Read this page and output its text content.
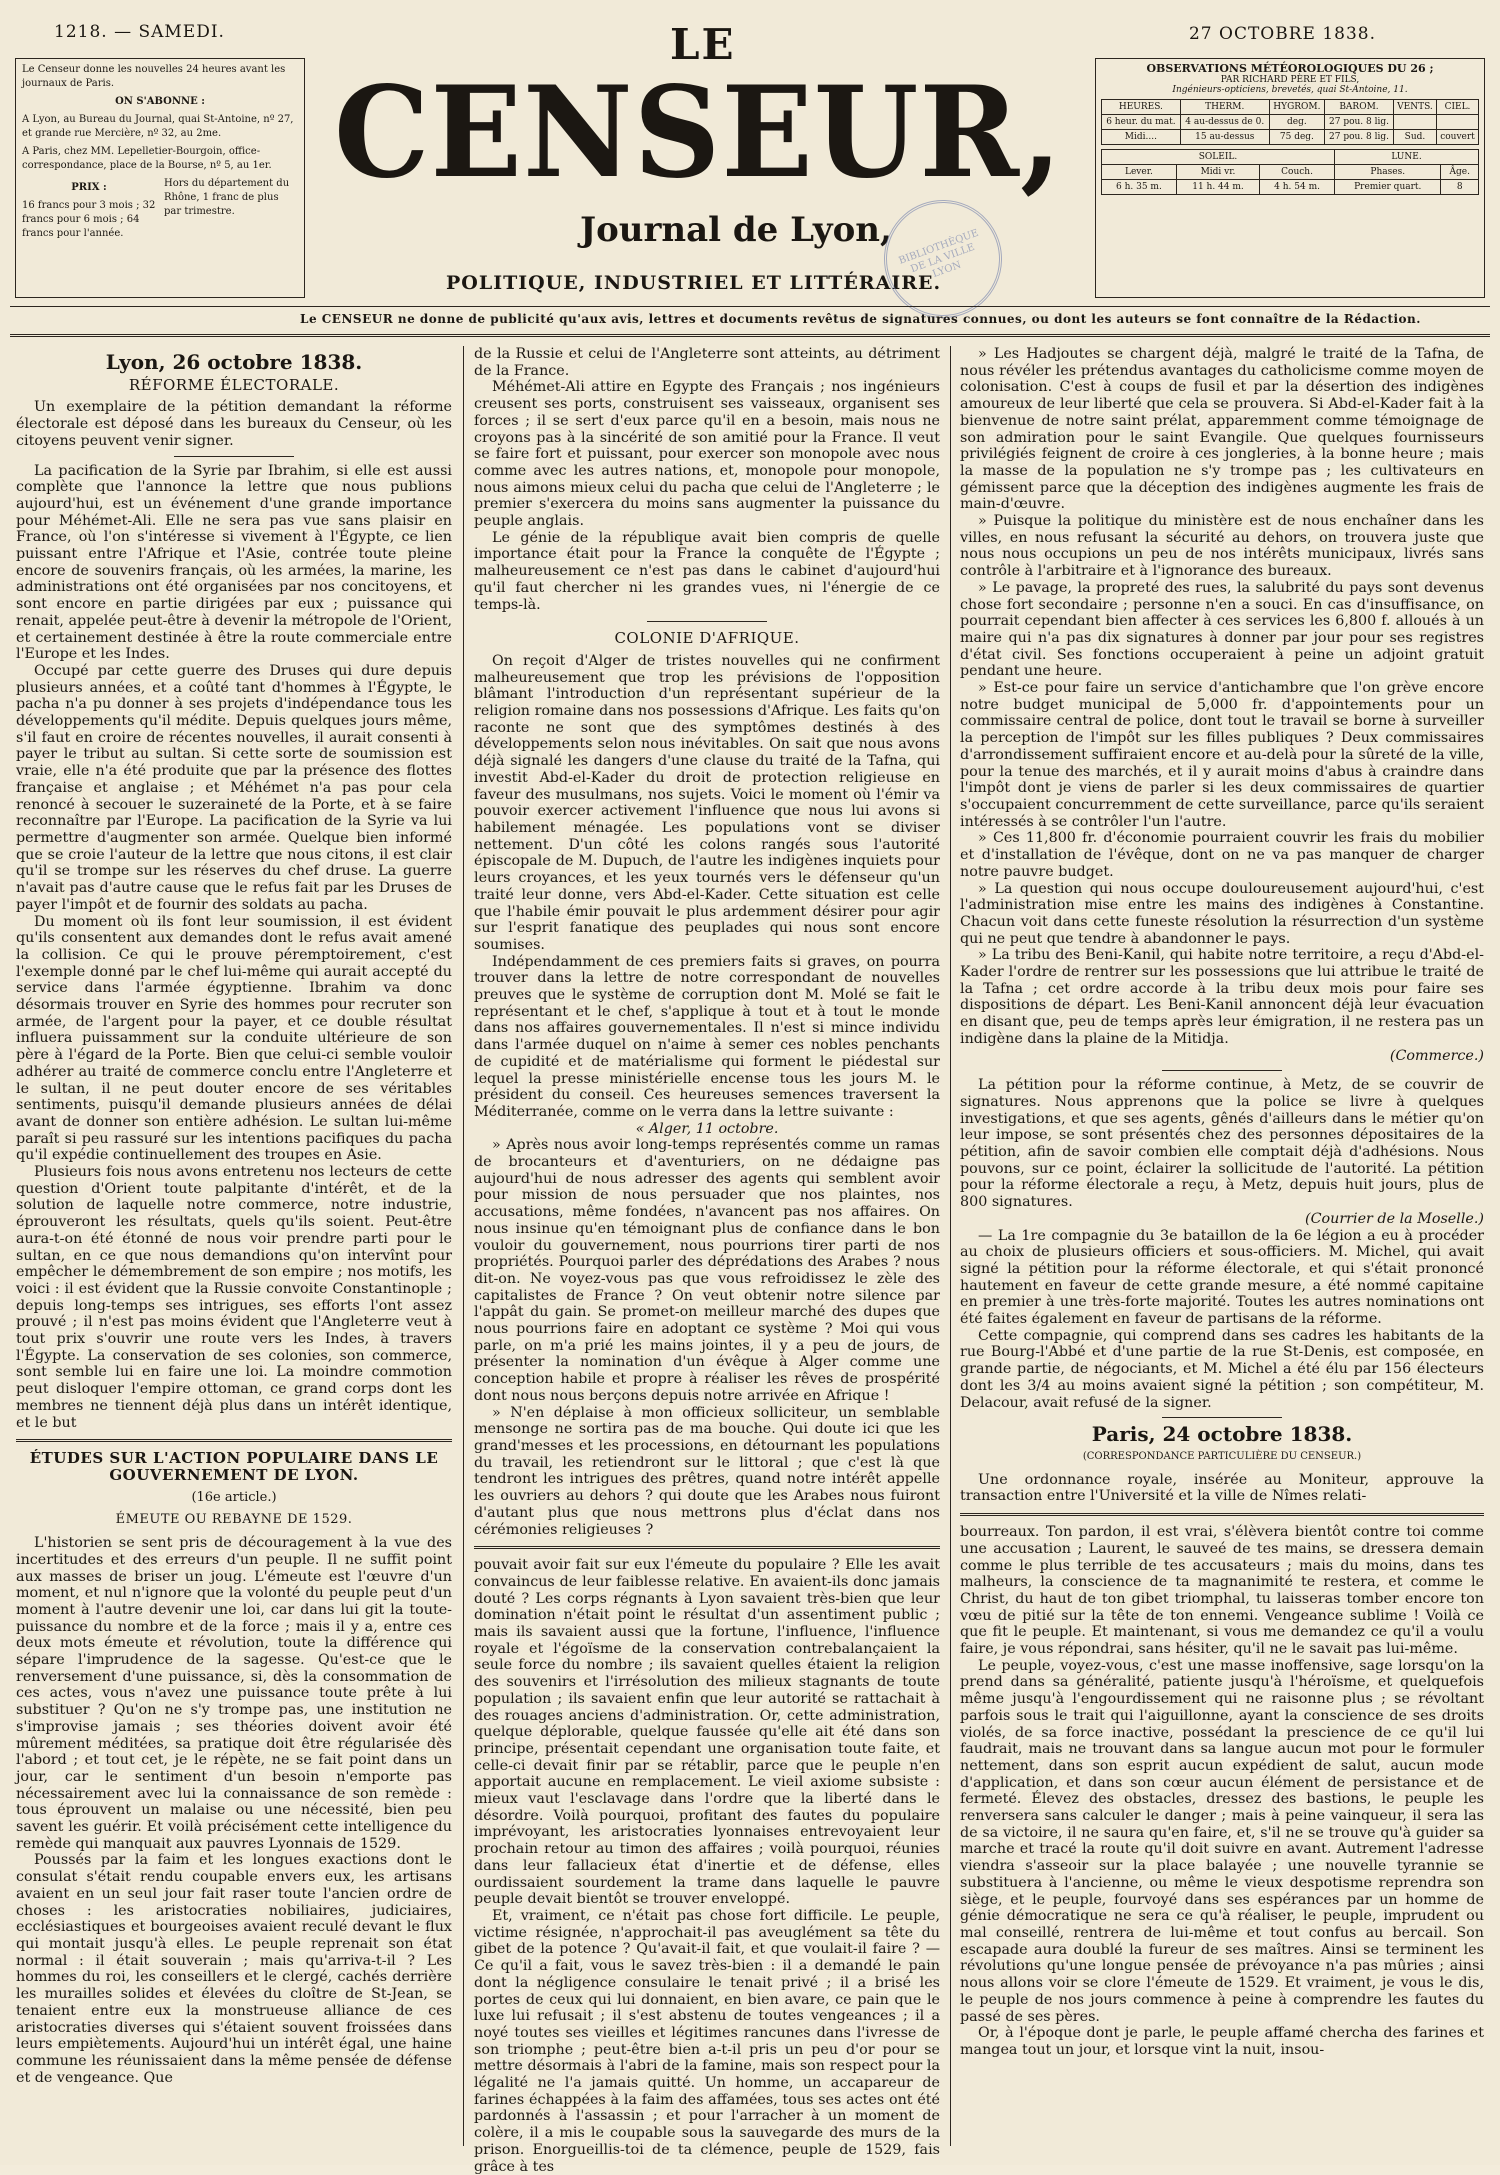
1218. — SAMEDI.	27 OCTOBRE 1838.

Le Censeur donne les nouvelles 24 heures avant les journaux de Paris.

ON S'ABONNE :

A Lyon, au Bureau du Journal, quai St-Antoine, nº 27, et grande rue Mercière, nº 32, au 2me.

A Paris, chez MM. Lepelletier-Bourgoin, office-correspondance, place de la Bourse, nº 5, au 1er.

PRIX :

16 francs pour 3 mois ; 32 francs pour 6 mois ; 64 francs pour l'année.

Hors du département du Rhône, 1 franc de plus par trimestre.

LE
CENSEUR,
Journal de Lyon,
POLITIQUE, INDUSTRIEL ET LITTÉRAIRE.
BIBLIOTHÈQUE DE LA VILLE LYON
OBSERVATIONS MÉTÉOROLOGIQUES DU 26 ;
PAR RICHARD PÈRE ET FILS,
Ingénieurs-opticiens, brevetés, quai St-Antoine, 11.
HEURES.	THERM.	HYGROM.	BAROM.	VENTS.	CIEL.
6 heur. du mat.	4 au-dessus de 0.	deg.	27 pou. 8 lig.		
Midi....	15 au-dessus	75 deg.	27 pou. 8 lig.	Sud.	couvert
SOLEIL.			LUNE.	
Lever.	Midi vr.	Couch.	Phases.	Âge.
6 h. 35 m.	11 h. 44 m.	4 h. 54 m.	Premier quart.	8
Le CENSEUR ne donne de publicité qu'aux avis, lettres et documents revêtus de signatures connues, ou dont les auteurs se font connaître de la Rédaction.
Lyon, 26 octobre 1838.
RÉFORME ÉLECTORALE.

Un exemplaire de la pétition demandant la réforme électorale est déposé dans les bureaux du Censeur, où les citoyens peuvent venir signer.

La pacification de la Syrie par Ibrahim, si elle est aussi complète que l'annonce la lettre que nous publions aujourd'hui, est un événement d'une grande importance pour Méhémet-Ali. Elle ne sera pas vue sans plaisir en France, où l'on s'intéresse si vivement à l'Égypte, ce lien puissant entre l'Afrique et l'Asie, contrée toute pleine encore de souvenirs français, où les armées, la marine, les administrations ont été organisées par nos concitoyens, et sont encore en partie dirigées par eux ; puissance qui renait, appelée peut-être à devenir la métropole de l'Orient, et certainement destinée à être la route commerciale entre l'Europe et les Indes.

Occupé par cette guerre des Druses qui dure depuis plusieurs années, et a coûté tant d'hommes à l'Égypte, le pacha n'a pu donner à ses projets d'indépendance tous les développements qu'il médite. Depuis quelques jours même, s'il faut en croire de récentes nouvelles, il aurait consenti à payer le tribut au sultan. Si cette sorte de soumission est vraie, elle n'a été produite que par la présence des flottes française et anglaise ; et Méhémet n'a pas pour cela renoncé à secouer le suzeraineté de la Porte, et à se faire reconnaître par l'Europe. La pacification de la Syrie va lui permettre d'augmenter son armée. Quelque bien informé que se croie l'auteur de la lettre que nous citons, il est clair qu'il se trompe sur les réserves du chef druse. La guerre n'avait pas d'autre cause que le refus fait par les Druses de payer l'impôt et de fournir des soldats au pacha.

Du moment où ils font leur soumission, il est évident qu'ils consentent aux demandes dont le refus avait amené la collision. Ce qui le prouve péremptoirement, c'est l'exemple donné par le chef lui-même qui aurait accepté du service dans l'armée égyptienne. Ibrahim va donc désormais trouver en Syrie des hommes pour recruter son armée, de l'argent pour la payer, et ce double résultat influera puissamment sur la conduite ultérieure de son père à l'égard de la Porte. Bien que celui-ci semble vouloir adhérer au traité de commerce conclu entre l'Angleterre et le sultan, il ne peut douter encore de ses véritables sentiments, puisqu'il demande plusieurs années de délai avant de donner son entière adhésion. Le sultan lui-même paraît si peu rassuré sur les intentions pacifiques du pacha qu'il expédie continuellement des troupes en Asie.

Plusieurs fois nous avons entretenu nos lecteurs de cette question d'Orient toute palpitante d'intérêt, et de la solution de laquelle notre commerce, notre industrie, éprouveront les résultats, quels qu'ils soient. Peut-être aura-t-on été étonné de nous voir prendre parti pour le sultan, en ce que nous demandions qu'on intervînt pour empêcher le démembrement de son empire ; nos motifs, les voici : il est évident que la Russie convoite Constantinople ; depuis long-temps ses intrigues, ses efforts l'ont assez prouvé ; il n'est pas moins évident que l'Angleterre veut à tout prix s'ouvrir une route vers les Indes, à travers l'Égypte. La conservation de ses colonies, son commerce, sont semble lui en faire une loi. La moindre commotion peut disloquer l'empire ottoman, ce grand corps dont les membres ne tiennent déjà plus dans un intérêt identique, et le but

ÉTUDES SUR L'ACTION POPULAIRE DANS LE GOUVERNEMENT DE LYON.
(16e article.)
ÉMEUTE OU REBAYNE DE 1529.

L'historien se sent pris de découragement à la vue des incertitudes et des erreurs d'un peuple. Il ne suffit point aux masses de briser un joug. L'émeute est l'œuvre d'un moment, et nul n'ignore que la volonté du peuple peut d'un moment à l'autre devenir une loi, car dans lui git la toute-puissance du nombre et de la force ; mais il y a, entre ces deux mots émeute et révolution, toute la différence qui sépare l'imprudence de la sagesse. Qu'est-ce que le renversement d'une puissance, si, dès la consommation de ces actes, vous n'avez une puissance toute prête à lui substituer ? Qu'on ne s'y trompe pas, une institution ne s'improvise jamais ; ses théories doivent avoir été mûrement méditées, sa pratique doit être régularisée dès l'abord ; et tout cet, je le répète, ne se fait point dans un jour, car le sentiment d'un besoin n'emporte pas nécessairement avec lui la connaissance de son remède : tous éprouvent un malaise ou une nécessité, bien peu savent les guérir. Et voilà précisément cette intelligence du remède qui manquait aux pauvres Lyonnais de 1529.

Poussés par la faim et les longues exactions dont le consulat s'était rendu coupable envers eux, les artisans avaient en un seul jour fait raser toute l'ancien ordre de choses : les aristocraties nobiliaires, judiciaires, ecclésiastiques et bourgeoises avaient reculé devant le flux qui montait jusqu'à elles. Le peuple reprenait son état normal : il était souverain ; mais qu'arriva-t-il ? Les hommes du roi, les conseillers et le clergé, cachés derrière les murailles solides et élevées du cloître de St-Jean, se tenaient entre eux la monstrueuse alliance de ces aristocraties diverses qui s'étaient souvent froissées dans leurs empiètements. Aujourd'hui un intérêt égal, une haine commune les réunissaient dans la même pensée de défense et de vengeance. Que

de la Russie et celui de l'Angleterre sont atteints, au détriment de la France.

Méhémet-Ali attire en Egypte des Français ; nos ingénieurs creusent ses ports, construisent ses vaisseaux, organisent ses forces ; il se sert d'eux parce qu'il en a besoin, mais nous ne croyons pas à la sincérité de son amitié pour la France. Il veut se faire fort et puissant, pour exercer son monopole avec nous comme avec les autres nations, et, monopole pour monopole, nous aimons mieux celui du pacha que celui de l'Angleterre ; le premier s'exercera du moins sans augmenter la puissance du peuple anglais.

Le génie de la république avait bien compris de quelle importance était pour la France la conquête de l'Égypte ; malheureusement ce n'est pas dans le cabinet d'aujourd'hui qu'il faut chercher ni les grandes vues, ni l'énergie de ce temps-là.

COLONIE D'AFRIQUE.

On reçoit d'Alger de tristes nouvelles qui ne confirment malheureusement que trop les prévisions de l'opposition blâmant l'introduction d'un représentant supérieur de la religion romaine dans nos possessions d'Afrique. Les faits qu'on raconte ne sont que des symptômes destinés à des développements selon nous inévitables. On sait que nous avons déjà signalé les dangers d'une clause du traité de la Tafna, qui investit Abd-el-Kader du droit de protection religieuse en faveur des musulmans, nos sujets. Voici le moment où l'émir va pouvoir exercer activement l'influence que nous lui avons si habilement ménagée. Les populations vont se diviser nettement. D'un côté les colons rangés sous l'autorité épiscopale de M. Dupuch, de l'autre les indigènes inquiets pour leurs croyances, et les yeux tournés vers le défenseur qu'un traité leur donne, vers Abd-el-Kader. Cette situation est celle que l'habile émir pouvait le plus ardemment désirer pour agir sur l'esprit fanatique des peuplades qui nous sont encore soumises.

Indépendamment de ces premiers faits si graves, on pourra trouver dans la lettre de notre correspondant de nouvelles preuves que le système de corruption dont M. Molé se fait le représentant et le chef, s'applique à tout et à tout le monde dans nos affaires gouvernementales. Il n'est si mince individu dans l'armée duquel on n'aime à semer ces nobles penchants de cupidité et de matérialisme qui forment le piédestal sur lequel la presse ministérielle encense tous les jours M. le président du conseil. Ces heureuses semences traversent la Méditerranée, comme on le verra dans la lettre suivante :

« Alger, 11 octobre.

» Après nous avoir long-temps représentés comme un ramas de brocanteurs et d'aventuriers, on ne dédaigne pas aujourd'hui de nous adresser des agents qui semblent avoir pour mission de nous persuader que nos plaintes, nos accusations, même fondées, n'avancent pas nos affaires. On nous insinue qu'en témoignant plus de confiance dans le bon vouloir du gouvernement, nous pourrions tirer parti de nos propriétés. Pourquoi parler des déprédations des Arabes ? nous dit-on. Ne voyez-vous pas que vous refroidissez le zèle des capitalistes de France ? On veut obtenir notre silence par l'appât du gain. Se promet-on meilleur marché des dupes que nous pourrions faire en adoptant ce système ? Moi qui vous parle, on m'a prié les mains jointes, il y a peu de jours, de présenter la nomination d'un évêque à Alger comme une conception habile et propre à réaliser les rêves de prospérité dont nous nous berçons depuis notre arrivée en Afrique !

» N'en déplaise à mon officieux solliciteur, un semblable mensonge ne sortira pas de ma bouche. Qui doute ici que les grand'messes et les processions, en détournant les populations du travail, les retiendront sur le littoral ; que c'est là que tendront les intrigues des prêtres, quand notre intérêt appelle les ouvriers au dehors ? qui doute que les Arabes nous fuiront d'autant plus que nous mettrons plus d'éclat dans nos cérémonies religieuses ?

pouvait avoir fait sur eux l'émeute du populaire ? Elle les avait convaincus de leur faiblesse relative. En avaient-ils donc jamais douté ? Les corps régnants à Lyon savaient très-bien que leur domination n'était point le résultat d'un assentiment public ; mais ils savaient aussi que la fortune, l'influence, l'influence royale et l'égoïsme de la conservation contrebalançaient la seule force du nombre ; ils savaient quelles étaient la religion des souvenirs et l'irrésolution des milieux stagnants de toute population ; ils savaient enfin que leur autorité se rattachait à des rouages anciens d'administration. Or, cette administration, quelque déplorable, quelque faussée qu'elle ait été dans son principe, présentait cependant une organisation toute faite, et celle-ci devait finir par se rétablir, parce que le peuple n'en apportait aucune en remplacement. Le vieil axiome subsiste : mieux vaut l'esclavage dans l'ordre que la liberté dans le désordre. Voilà pourquoi, profitant des fautes du populaire imprévoyant, les aristocraties lyonnaises entrevoyaient leur prochain retour au timon des affaires ; voilà pourquoi, réunies dans leur fallacieux état d'inertie et de défense, elles ourdissaient sourdement la trame dans laquelle le pauvre peuple devait bientôt se trouver enveloppé.

Et, vraiment, ce n'était pas chose fort difficile. Le peuple, victime résignée, n'approchait-il pas aveuglément sa tête du gibet de la potence ? Qu'avait-il fait, et que voulait-il faire ? — Ce qu'il a fait, vous le savez très-bien : il a demandé le pain dont la négligence consulaire le tenait privé ; il a brisé les portes de ceux qui lui donnaient, en bien avare, ce pain que le luxe lui refusait ; il s'est abstenu de toutes vengeances ; il a noyé toutes ses vieilles et légitimes rancunes dans l'ivresse de son triomphe ; peut-être bien a-t-il pris un peu d'or pour se mettre désormais à l'abri de la famine, mais son respect pour la légalité ne l'a jamais quitté. Un homme, un accapareur de farines échappées à la faim des affamées, tous ses actes ont été pardonnés à l'assassin ; et pour l'arracher à un moment de colère, il a mis le coupable sous la sauvegarde des murs de la prison. Enorgueillis-toi de ta clémence, peuple de 1529, fais grâce à tes

» Les Hadjoutes se chargent déjà, malgré le traité de la Tafna, de nous révéler les prétendus avantages du catholicisme comme moyen de colonisation. C'est à coups de fusil et par la désertion des indigènes amoureux de leur liberté que cela se prouvera. Si Abd-el-Kader fait à la bienvenue de notre saint prélat, apparemment comme témoignage de son admiration pour le saint Evangile. Que quelques fournisseurs privilégiés feignent de croire à ces jongleries, à la bonne heure ; mais la masse de la population ne s'y trompe pas ; les cultivateurs en gémissent parce que la déception des indigènes augmente les frais de main-d'œuvre.

» Puisque la politique du ministère est de nous enchaîner dans les villes, en nous refusant la sécurité au dehors, on trouvera juste que nous nous occupions un peu de nos intérêts municipaux, livrés sans contrôle à l'arbitraire et à l'ignorance des bureaux.

» Le pavage, la propreté des rues, la salubrité du pays sont devenus chose fort secondaire ; personne n'en a souci. En cas d'insuffisance, on pourrait cependant bien affecter à ces services les 6,800 f. alloués à un maire qui n'a pas dix signatures à donner par jour pour ses registres d'état civil. Ses fonctions occuperaient à peine un adjoint gratuit pendant une heure.

» Est-ce pour faire un service d'antichambre que l'on grève encore notre budget municipal de 5,000 fr. d'appointements pour un commissaire central de police, dont tout le travail se borne à surveiller la perception de l'impôt sur les filles publiques ? Deux commissaires d'arrondissement suffiraient encore et au-delà pour la sûreté de la ville, pour la tenue des marchés, et il y aurait moins d'abus à craindre dans l'impôt dont je viens de parler si les deux commissaires de quartier s'occupaient concurremment de cette surveillance, parce qu'ils seraient intéressés à se contrôler l'un l'autre.

» Ces 11,800 fr. d'économie pourraient couvrir les frais du mobilier et d'installation de l'évêque, dont on ne va pas manquer de charger notre pauvre budget.

» La question qui nous occupe douloureusement aujourd'hui, c'est l'administration mise entre les mains des indigènes à Constantine. Chacun voit dans cette funeste résolution la résurrection d'un système qui ne peut que tendre à abandonner le pays.

» La tribu des Beni-Kanil, qui habite notre territoire, a reçu d'Abd-el-Kader l'ordre de rentrer sur les possessions que lui attribue le traité de la Tafna ; cet ordre accorde à la tribu deux mois pour faire ses dispositions de départ. Les Beni-Kanil annoncent déjà leur évacuation en disant que, peu de temps après leur émigration, il ne restera pas un indigène dans la plaine de la Mitidja.

(Commerce.)

La pétition pour la réforme continue, à Metz, de se couvrir de signatures. Nous apprenons que la police se livre à quelques investigations, et que ses agents, gênés d'ailleurs dans le métier qu'on leur impose, se sont présentés chez des personnes dépositaires de la pétition, afin de savoir combien elle comptait déjà d'adhésions. Nous pouvons, sur ce point, éclairer la sollicitude de l'autorité. La pétition pour la réforme électorale a reçu, à Metz, depuis huit jours, plus de 800 signatures.

(Courrier de la Moselle.)

— La 1re compagnie du 3e bataillon de la 6e légion a eu à procéder au choix de plusieurs officiers et sous-officiers. M. Michel, qui avait signé la pétition pour la réforme électorale, et qui s'était prononcé hautement en faveur de cette grande mesure, a été nommé capitaine en premier à une très-forte majorité. Toutes les autres nominations ont été faites également en faveur de partisans de la réforme.

Cette compagnie, qui comprend dans ses cadres les habitants de la rue Bourg-l'Abbé et d'une partie de la rue St-Denis, est composée, en grande partie, de négociants, et M. Michel a été élu par 156 électeurs dont les 3/4 au moins avaient signé la pétition ; son compétiteur, M. Delacour, avait refusé de la signer.

Paris, 24 octobre 1838.
(CORRESPONDANCE PARTICULIÈRE DU CENSEUR.)

Une ordonnance royale, insérée au Moniteur, approuve la transaction entre l'Université et la ville de Nîmes relati-

bourreaux. Ton pardon, il est vrai, s'élèvera bientôt contre toi comme une accusation ; Laurent, le sauveé de tes mains, se dressera demain comme le plus terrible de tes accusateurs ; mais du moins, dans tes malheurs, la conscience de ta magnanimité te restera, et comme le Christ, du haut de ton gibet triomphal, tu laisseras tomber encore ton vœu de pitié sur la tête de ton ennemi. Vengeance sublime ! Voilà ce que fit le peuple. Et maintenant, si vous me demandez ce qu'il a voulu faire, je vous répondrai, sans hésiter, qu'il ne le savait pas lui-même.

Le peuple, voyez-vous, c'est une masse inoffensive, sage lorsqu'on la prend dans sa généralité, patiente jusqu'à l'héroïsme, et quelquefois même jusqu'à l'engourdissement qui ne raisonne plus ; se révoltant parfois sous le trait qui l'aiguillonne, ayant la conscience de ses droits violés, de sa force inactive, possédant la prescience de ce qu'il lui faudrait, mais ne trouvant dans sa langue aucun mot pour le formuler nettement, dans son esprit aucun expédient de salut, aucun mode d'application, et dans son cœur aucun élément de persistance et de fermeté. Élevez des obstacles, dressez des bastions, le peuple les renversera sans calculer le danger ; mais à peine vainqueur, il sera las de sa victoire, il ne saura qu'en faire, et, s'il ne se trouve qu'à guider sa marche et tracé la route qu'il doit suivre en avant. Autrement l'adresse viendra s'asseoir sur la place balayée ; une nouvelle tyrannie se substituera à l'ancienne, ou même le vieux despotisme reprendra son siège, et le peuple, fourvoyé dans ses espérances par un homme de génie démocratique ne sera ce qu'à réaliser, le peuple, imprudent ou mal conseillé, rentrera de lui-même et tout confus au bercail. Son escapade aura doublé la fureur de ses maîtres. Ainsi se terminent les révolutions qu'une longue pensée de prévoyance n'a pas mûries ; ainsi nous allons voir se clore l'émeute de 1529. Et vraiment, je vous le dis, le peuple de nos jours commence à peine à comprendre les fautes du passé de ses pères.

Or, à l'époque dont je parle, le peuple affamé chercha des farines et mangea tout un jour, et lorsque vint la nuit, insou-
